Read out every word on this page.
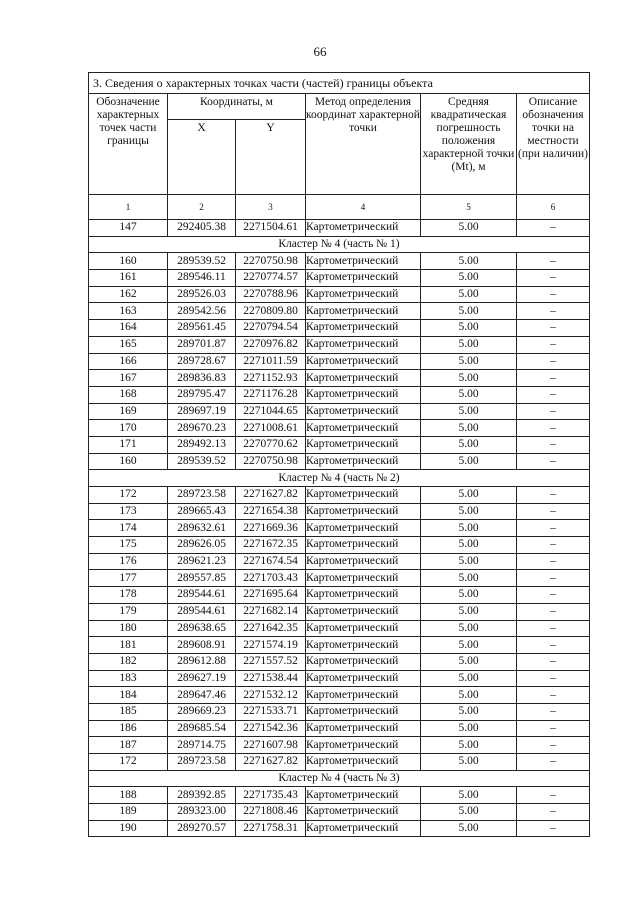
66
3. Сведения о характерных точках части (частей) границы объекта					
Обозначение характерных точек части границы	Координаты, м		Метод определения координат характерной точки	Средняя квадратическая погрешность положения характерной точки (Mt), м	Описание обозначения точки на местности (при наличии)
	X	Y			
1	2	3	4	5	6
147	292405.38	2271504.61	Картометрический	5.00	–
Кластер № 4 (часть № 1)					
160	289539.52	2270750.98	Картометрический	5.00	–
161	289546.11	2270774.57	Картометрический	5.00	–
162	289526.03	2270788.96	Картометрический	5.00	–
163	289542.56	2270809.80	Картометрический	5.00	–
164	289561.45	2270794.54	Картометрический	5.00	–
165	289701.87	2270976.82	Картометрический	5.00	–
166	289728.67	2271011.59	Картометрический	5.00	–
167	289836.83	2271152.93	Картометрический	5.00	–
168	289795.47	2271176.28	Картометрический	5.00	–
169	289697.19	2271044.65	Картометрический	5.00	–
170	289670.23	2271008.61	Картометрический	5.00	–
171	289492.13	2270770.62	Картометрический	5.00	–
160	289539.52	2270750.98	Картометрический	5.00	–
Кластер № 4 (часть № 2)					
172	289723.58	2271627.82	Картометрический	5.00	–
173	289665.43	2271654.38	Картометрический	5.00	–
174	289632.61	2271669.36	Картометрический	5.00	–
175	289626.05	2271672.35	Картометрический	5.00	–
176	289621.23	2271674.54	Картометрический	5.00	–
177	289557.85	2271703.43	Картометрический	5.00	–
178	289544.61	2271695.64	Картометрический	5.00	–
179	289544.61	2271682.14	Картометрический	5.00	–
180	289638.65	2271642.35	Картометрический	5.00	–
181	289608.91	2271574.19	Картометрический	5.00	–
182	289612.88	2271557.52	Картометрический	5.00	–
183	289627.19	2271538.44	Картометрический	5.00	–
184	289647.46	2271532.12	Картометрический	5.00	–
185	289669.23	2271533.71	Картометрический	5.00	–
186	289685.54	2271542.36	Картометрический	5.00	–
187	289714.75	2271607.98	Картометрический	5.00	–
172	289723.58	2271627.82	Картометрический	5.00	–
Кластер № 4 (часть № 3)					
188	289392.85	2271735.43	Картометрический	5.00	–
189	289323.00	2271808.46	Картометрический	5.00	–
190	289270.57	2271758.31	Картометрический	5.00	–
